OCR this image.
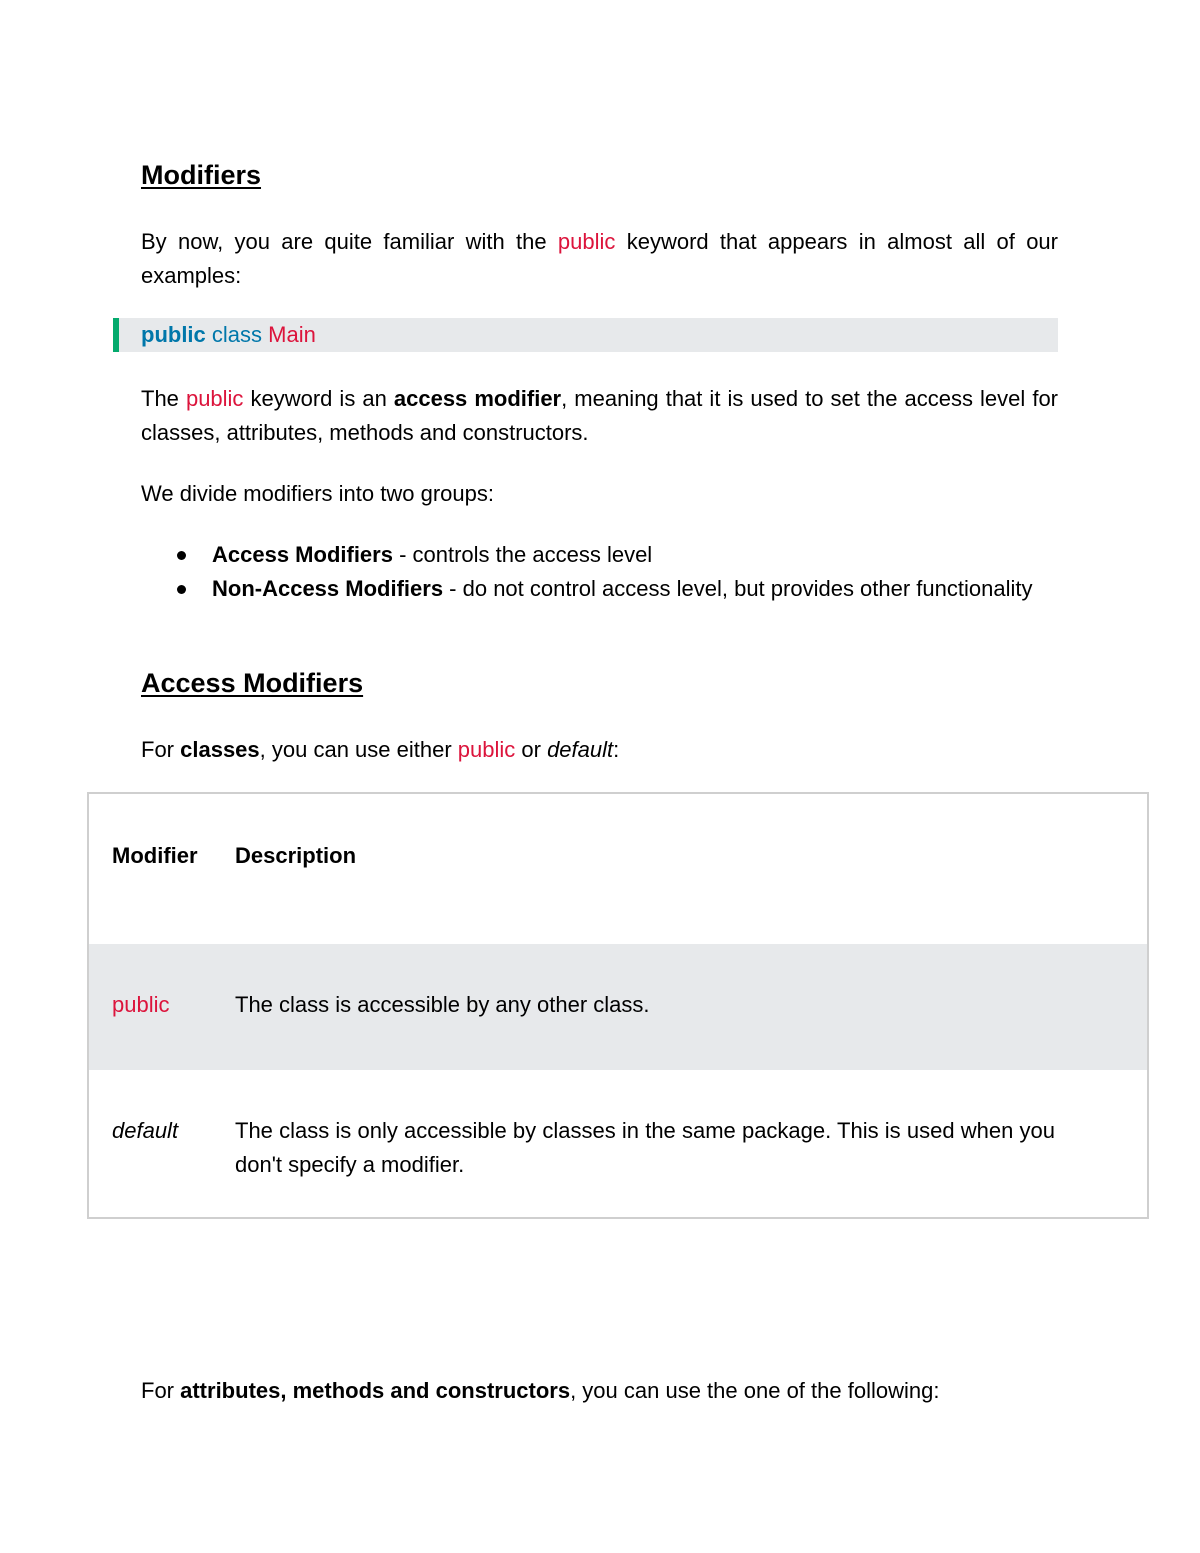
Modifiers

By now, you are quite familiar with the public keyword that appears in almost all of our examples:

public class Main

The public keyword is an access modifier, meaning that it is used to set the access level for classes, attributes, methods and constructors.

We divide modifiers into two groups:

Access Modifiers - controls the access level
Non-Access Modifiers - do not control access level, but provides other functionality
Access Modifiers

For classes, you can use either public or default:

Modifier	Description
public	The class is accessible by any other class.
default	The class is only accessible by classes in the same package. This is used when you don't specify a modifier.

For attributes, methods and constructors, you can use the one of the following:
